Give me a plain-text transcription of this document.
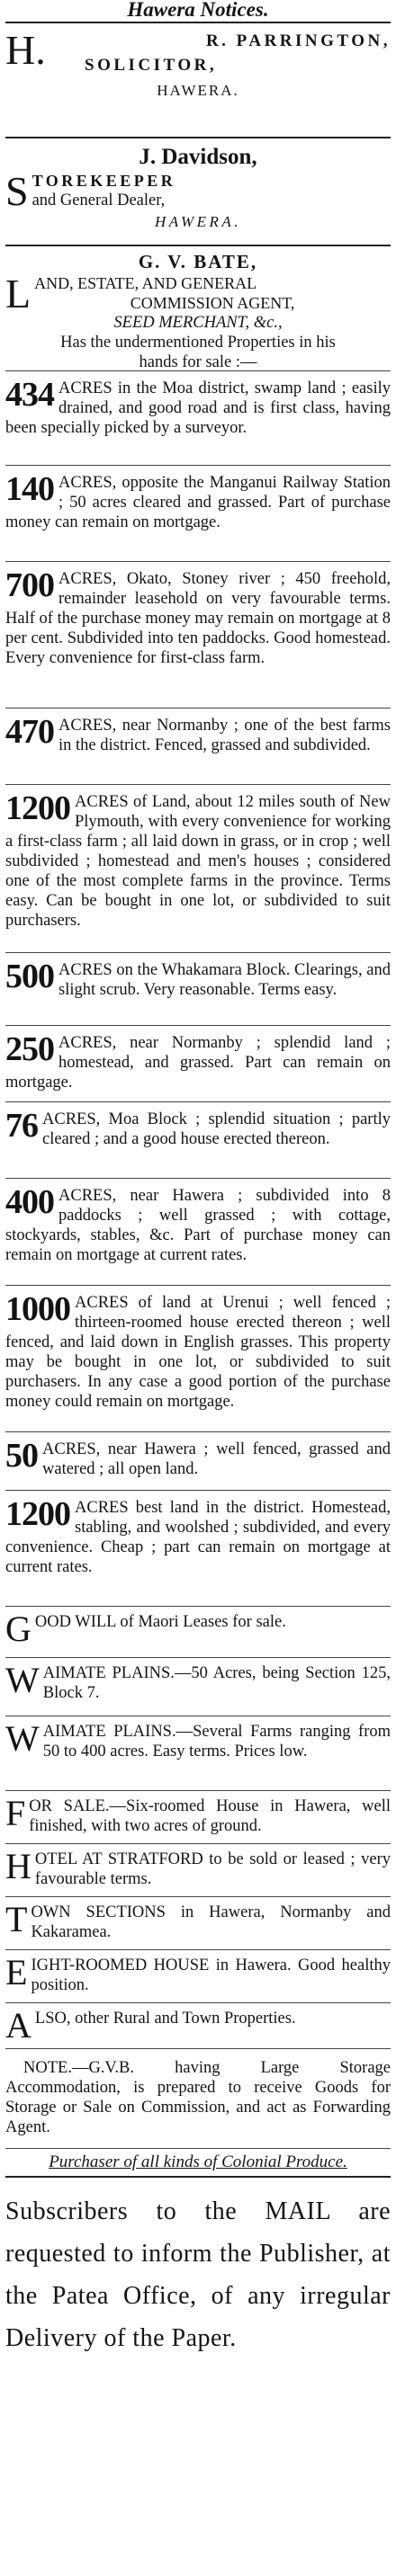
Hawera Notices.
H.	R. PARRINGTON,
SOLICITOR,
HAWERA.
J. Davidson,
S TOREKEEPER
and General Dealer,
HAWERA.
G. V. BATE,
L AND, ESTATE, AND GENERAL
COMMISSION AGENT,
SEED MERCHANT, &c.,
Has the undermentioned Properties in his
hands for sale :—
434 ACRES in the Moa district, swamp land ; easily drained, and good road and is first class, having been specially picked by a surveyor.
140 ACRES, opposite the Manganui Railway Station ; 50 acres cleared and grassed. Part of purchase money can remain on mortgage.
700 ACRES, Okato, Stoney river ; 450 freehold, remainder leasehold on very favourable terms. Half of the purchase money may remain on mortgage at 8 per cent. Subdivided into ten paddocks. Good homestead. Every convenience for first-class farm.
470 ACRES, near Normanby ; one of the best farms in the district. Fenced, grassed and subdivided.
1200 ACRES of Land, about 12 miles south of New Plymouth, with every convenience for working a first-class farm ; all laid down in grass, or in crop ; well subdivided ; homestead and men's houses ; considered one of the most complete farms in the province. Terms easy. Can be bought in one lot, or subdivided to suit purchasers.
500 ACRES on the Whakamara Block. Clearings, and slight scrub. Very reasonable. Terms easy.
250 ACRES, near Normanby ; splendid land ; homestead, and grassed. Part can remain on mortgage.
76 ACRES, Moa Block ; splendid situation ; partly cleared ; and a good house erected thereon.
400 ACRES, near Hawera ; subdivided into 8 paddocks ; well grassed ; with cottage, stockyards, stables, &c. Part of purchase money can remain on mortgage at current rates.
1000 ACRES of land at Urenui ; well fenced ; thirteen-roomed house erected thereon ; well fenced, and laid down in English grasses. This property may be bought in one lot, or subdivided to suit purchasers. In any case a good portion of the purchase money could remain on mortgage.
50 ACRES, near Hawera ; well fenced, grassed and watered ; all open land.
1200 ACRES best land in the district. Homestead, stabling, and woolshed ; subdivided, and every convenience. Cheap ; part can remain on mortgage at current rates.
G OOD WILL of Maori Leases for sale.
W AIMATE PLAINS.—50 Acres, being Section 125, Block 7.
W AIMATE PLAINS.—Several Farms ranging from 50 to 400 acres. Easy terms. Prices low.
F OR SALE.—Six-roomed House in Hawera, well finished, with two acres of ground.
H OTEL AT STRATFORD to be sold or leased ; very favourable terms.
T OWN SECTIONS in Hawera, Normanby and Kakaramea.
E IGHT-ROOMED HOUSE in Hawera. Good healthy position.
A LSO, other Rural and Town Properties.
NOTE.—G.V.B. having Large Storage Accommodation, is prepared to receive Goods for Storage or Sale on Commission, and act as Forwarding Agent.
Purchaser of all kinds of Colonial Produce.
Subscribers to the MAIL are requested to inform the Publisher, at the Patea Office, of any irregular Delivery of the Paper.
